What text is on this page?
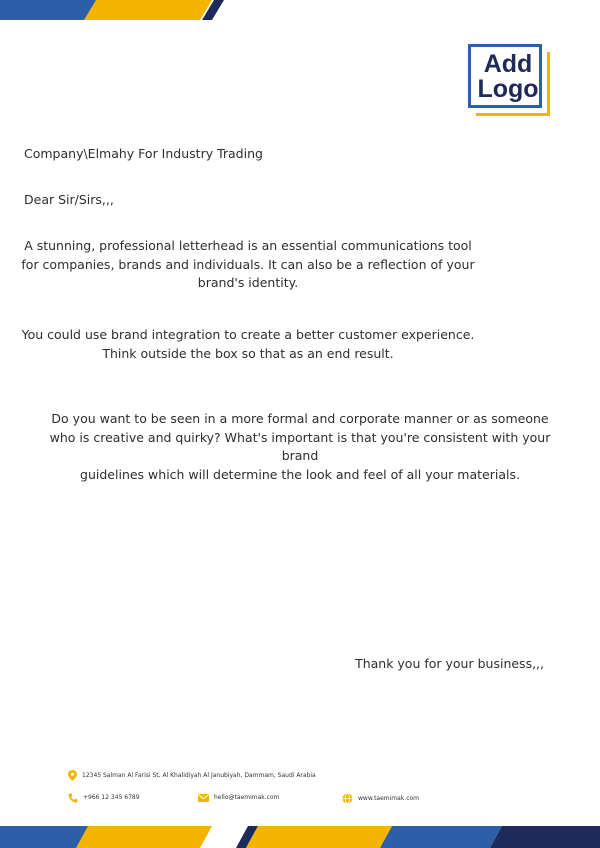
Add
Logo
Company\Elmahy For Industry Trading
Dear Sir/Sirs,,,
A stunning, professional letterhead is an essential communications tool
for companies, brands and individuals. It can also be a reflection of your
brand's identity.
You could use brand integration to create a better customer experience.
Think outside the box so that as an end result.
Do you want to be seen in a more formal and corporate manner or as someone
who is creative and quirky? What's important is that you're consistent with your brand
guidelines which will determine the look and feel of all your materials.
Thank you for your business,,,
12345 Salman Al Farisi St, Al Khalidiyah Al Janubiyah, Dammam, Saudi Arabia
+966 12 345 6789	hello@taemimak.com	www.taemimak.com
